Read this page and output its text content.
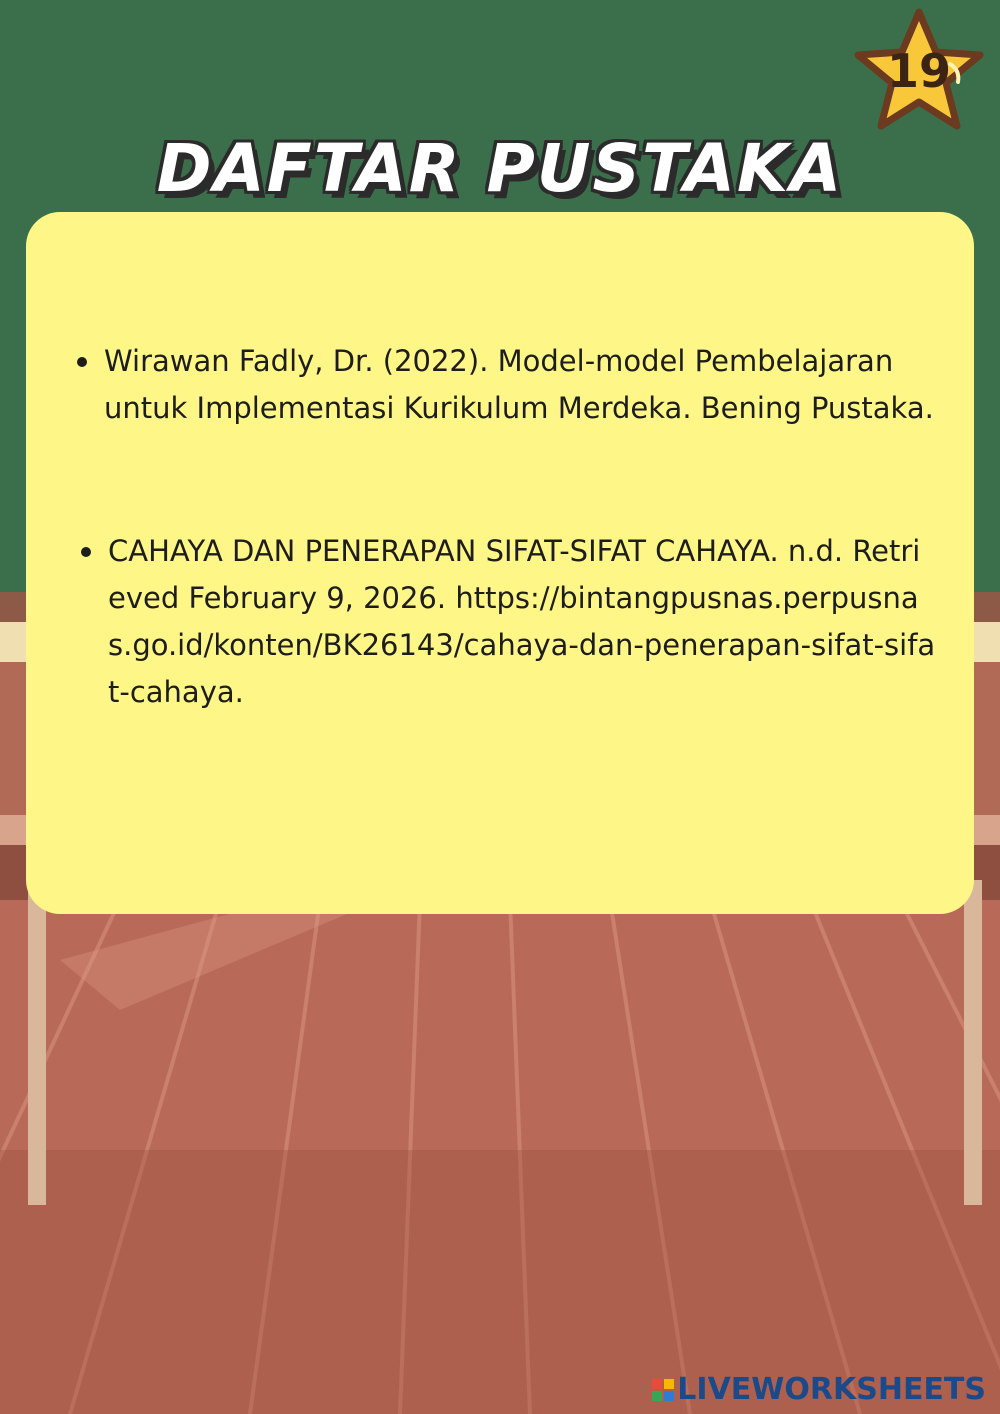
19
DAFTAR PUSTAKA
Wirawan Fadly, Dr. (2022). Model-model Pembelajaran untuk Implementasi Kurikulum Merdeka. Bening Pustaka.
CAHAYA DAN PENERAPAN SIFAT-SIFAT CAHAYA. n.d. Retrieved February 9, 2026. https://bintangpusnas.perpusnas.go.id/konten/BK26143/cahaya-dan-penerapan-sifat-sifat-cahaya.
LIVEWORKSHEETS
